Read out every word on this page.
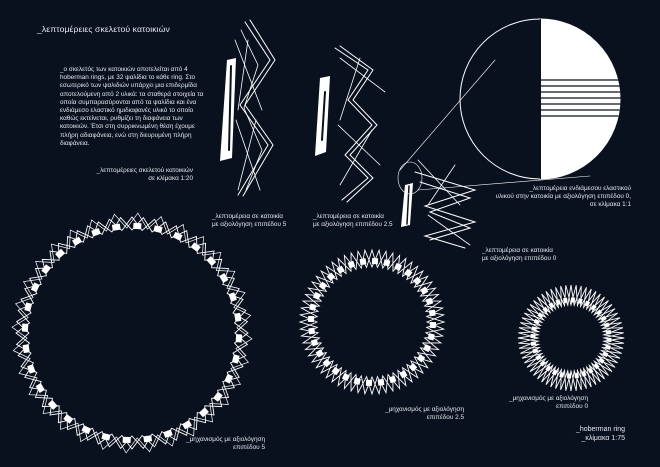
_λεπτομέρειες σκελετού κατοικιών
_ο σκελετός των κατοικιών αποτελείται από 4 hoberman rings, με 32 ψαλίδια το κάθε ring. Στο εσωτερικό των ψαλιδιών υπάρχει μια επιδερμίδα αποτελούμενη από 2 υλικά: τα σταθερά στοιχεία τα οποία συμπαρασύρονται από τα ψαλίδια και ένα ενδιάμεσο ελαστικό ημιδιαφανές υλικό το οποίο καθώς εκτείνεται, ρυθμίζει τη διαφάνεια των κατοικιών. Έτσι στη συρρικνωμένη θέση έχουμε πλήρη αδιαφάνεια, ενώ στη διευρυμένη πλήρη διαφάνεια.
_λεπτομέρειες σκελετού κατοικιών
σε κλίμακα 1:20
_λεπτομέρεια σε κατοικία
με αξιολόγηση επιπέδου 5
_λεπτομέρεια σε κατοικία
με αξιολόγηση επιπέδου 2.5
_λεπτομέρεια σε κατοικία
με αξιολόγηση επιπέδου 0
_λεπτομέρεια ενδιάμεσου ελαστικού
υλικού στην κατοικία με αξιολόγηση επιπέδου 0,
σε κλίμακα 1:1
_μηχανισμός με αξιολόγηση
επιπέδου 5
_μηχανισμός με αξιολόγηση
επιπέδου 2.5
_μηχανισμός με αξιολόγηση
επιπέδου 0
_hoberman ring
_κλίμακα 1:75
